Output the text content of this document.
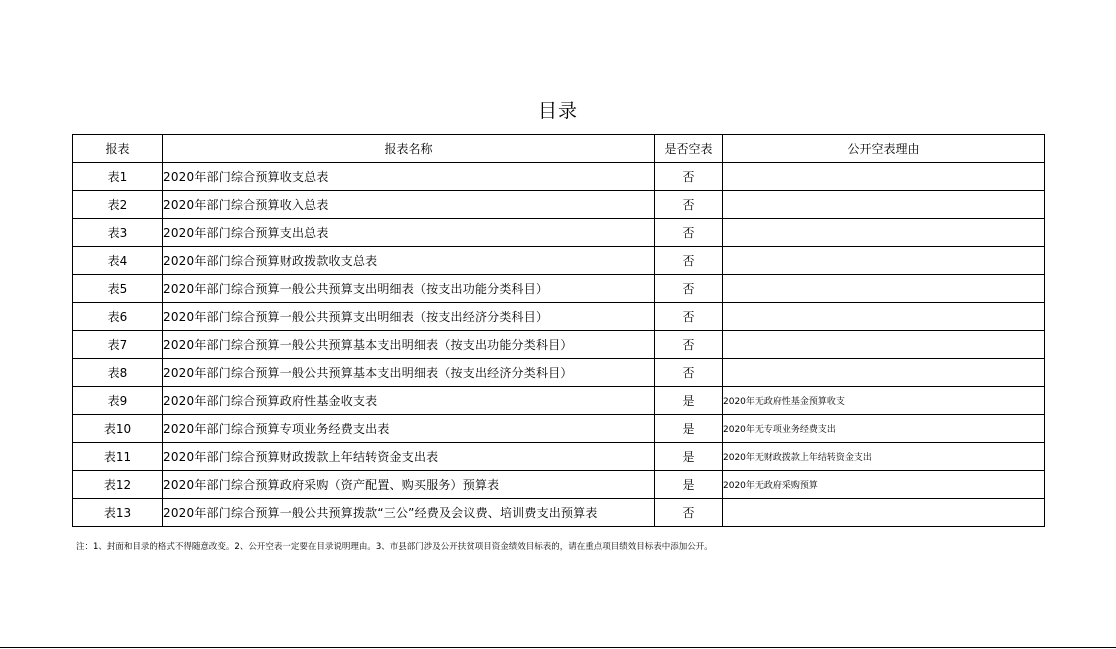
目录
报表	报表名称	是否空表	公开空表理由
表1	2020年部门综合预算收支总表	否	
表2	2020年部门综合预算收入总表	否	
表3	2020年部门综合预算支出总表	否	
表4	2020年部门综合预算财政拨款收支总表	否	
表5	2020年部门综合预算一般公共预算支出明细表（按支出功能分类科目）	否	
表6	2020年部门综合预算一般公共预算支出明细表（按支出经济分类科目）	否	
表7	2020年部门综合预算一般公共预算基本支出明细表（按支出功能分类科目）	否	
表8	2020年部门综合预算一般公共预算基本支出明细表（按支出经济分类科目）	否	
表9	2020年部门综合预算政府性基金收支表	是	2020年无政府性基金预算收支
表10	2020年部门综合预算专项业务经费支出表	是	2020年无专项业务经费支出
表11	2020年部门综合预算财政拨款上年结转资金支出表	是	2020年无财政拨款上年结转资金支出
表12	2020年部门综合预算政府采购（资产配置、购买服务）预算表	是	2020年无政府采购预算
表13	2020年部门综合预算一般公共预算拨款“三公”经费及会议费、培训费支出预算表	否	
注：1、封面和目录的格式不得随意改变。2、公开空表一定要在目录说明理由。3、市县部门涉及公开扶贫项目资金绩效目标表的，请在重点项目绩效目标表中添加公开。
